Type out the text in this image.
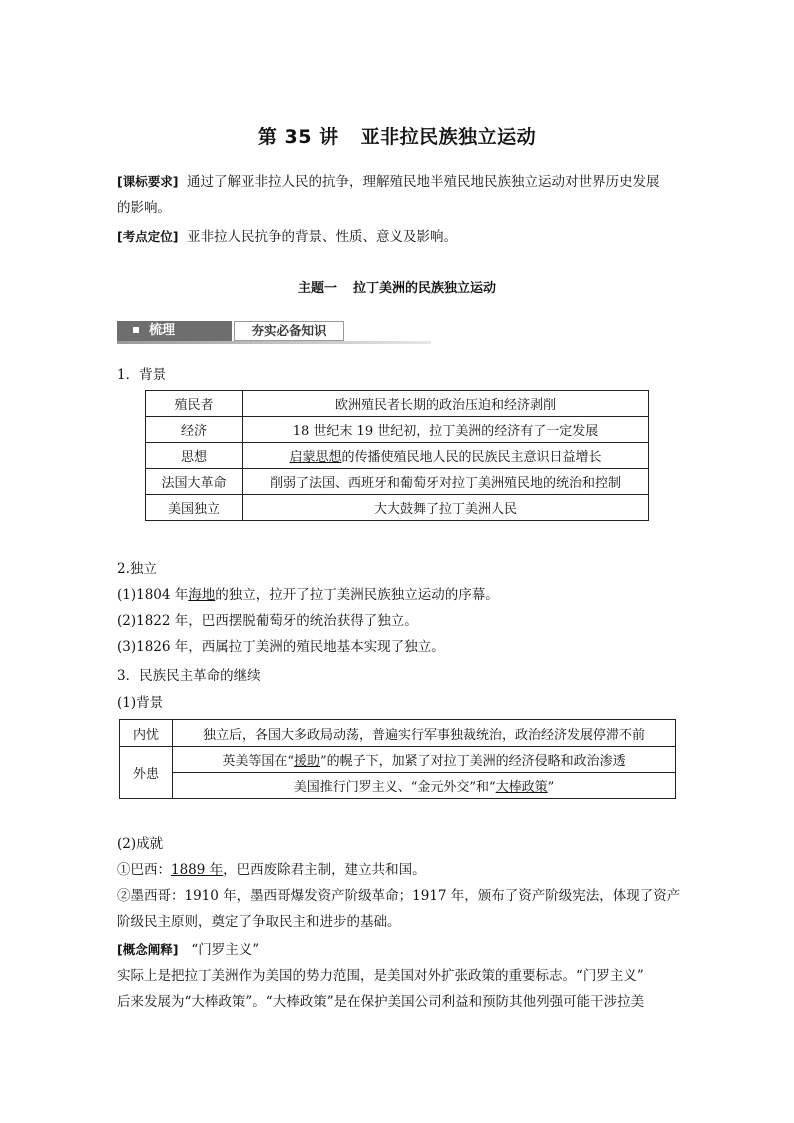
第 35 讲 亚非拉民族独立运动
[课标要求] 通过了解亚非拉人民的抗争，理解殖民地半殖民地民族独立运动对世界历史发展
的影响。
[考点定位] 亚非拉人民抗争的背景、性质、意义及影响。
主题一 拉丁美洲的民族独立运动
梳理	夯实必备知识
1．背景
殖民者	欧洲殖民者长期的政治压迫和经济剥削
经济	18 世纪末 19 世纪初，拉丁美洲的经济有了一定发展
思想	启蒙思想的传播使殖民地人民的民族民主意识日益增长
法国大革命	削弱了法国、西班牙和葡萄牙对拉丁美洲殖民地的统治和控制
美国独立	大大鼓舞了拉丁美洲人民
2.独立
(1)1804 年海地的独立，拉开了拉丁美洲民族独立运动的序幕。
(2)1822 年，巴西摆脱葡萄牙的统治获得了独立。
(3)1826 年，西属拉丁美洲的殖民地基本实现了独立。
3．民族民主革命的继续
(1)背景
内忧	独立后，各国大多政局动荡，普遍实行军事独裁统治，政治经济发展停滞不前
外患	英美等国在“援助”的幌子下，加紧了对拉丁美洲的经济侵略和政治渗透
	美国推行门罗主义、“金元外交”和“大棒政策”
(2)成就
①巴西：1889 年，巴西废除君主制，建立共和国。
②墨西哥：1910 年，墨西哥爆发资产阶级革命；1917 年，颁布了资产阶级宪法，体现了资产
阶级民主原则，奠定了争取民主和进步的基础。
[概念阐释] “门罗主义”
实际上是把拉丁美洲作为美国的势力范围，是美国对外扩张政策的重要标志。“门罗主义”
后来发展为“大棒政策”。“大棒政策”是在保护美国公司利益和预防其他列强可能干涉拉美
